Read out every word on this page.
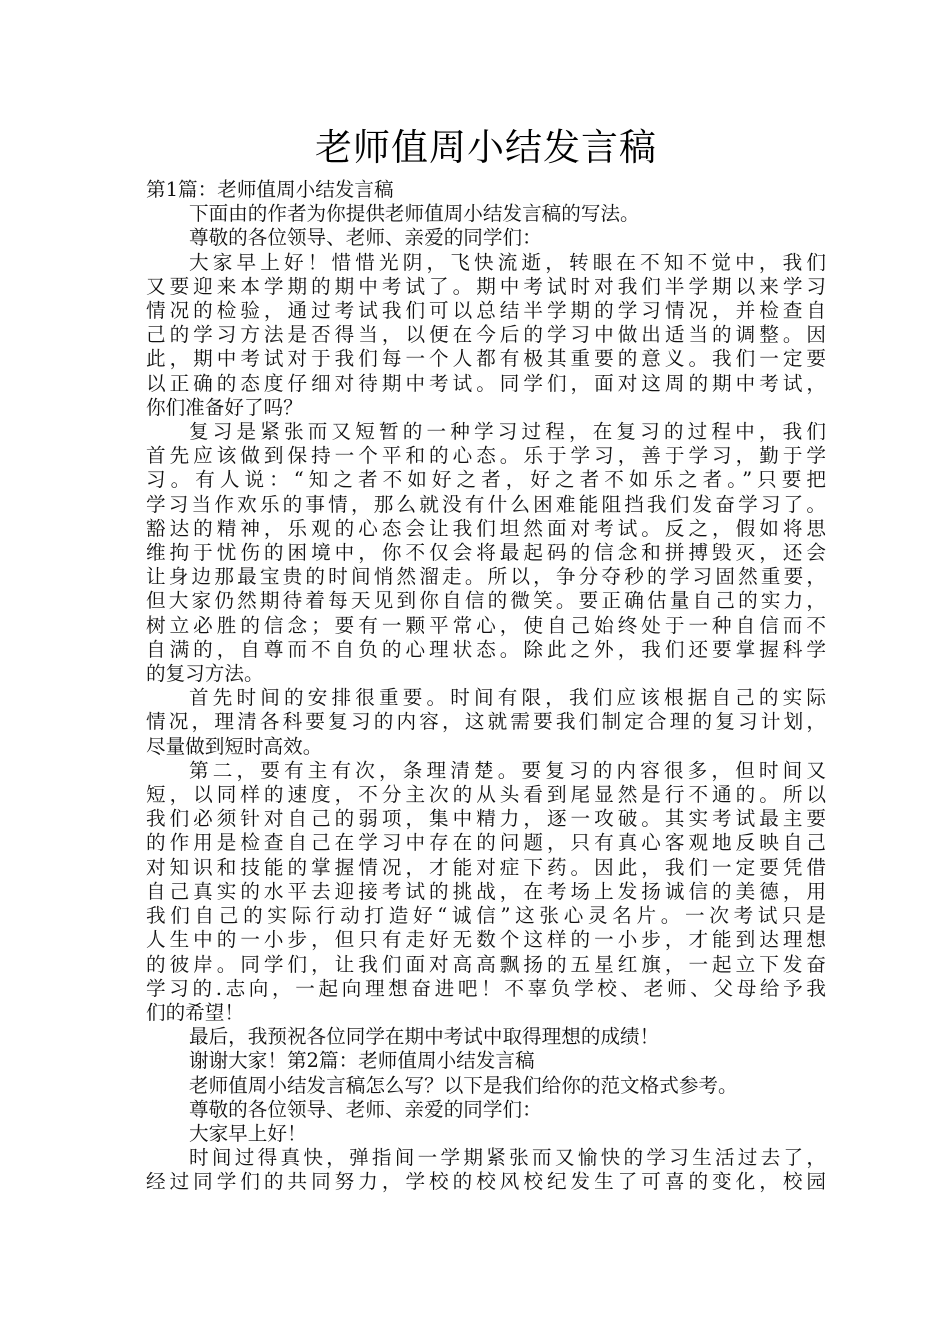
老师值周小结发言稿

第1篇：老师值周小结发言稿

下面由的作者为你提供老师值周小结发言稿的写法。

尊敬的各位领导、老师、亲爱的同学们：

大家早上好！惜惜光阴，飞快流逝，转眼在不知不觉中，我们

又要迎来本学期的期中考试了。期中考试时对我们半学期以来学习

情况的检验，通过考试我们可以总结半学期的学习情况，并检查自

己的学习方法是否得当，以便在今后的学习中做出适当的调整。因

此，期中考试对于我们每一个人都有极其重要的意义。我们一定要

以正确的态度仔细对待期中考试。同学们，面对这周的期中考试，

你们准备好了吗？

复习是紧张而又短暂的一种学习过程，在复习的过程中，我们

首先应该做到保持一个平和的心态。乐于学习，善于学习，勤于学

习。有人说：“知之者不如好之者，好之者不如乐之者。”只要把

学习当作欢乐的事情，那么就没有什么困难能阻挡我们发奋学习了。

豁达的精神，乐观的心态会让我们坦然面对考试。反之，假如将思

维拘于忧伤的困境中，你不仅会将最起码的信念和拼搏毁灭，还会

让身边那最宝贵的时间悄然溜走。所以，争分夺秒的学习固然重要，

但大家仍然期待着每天见到你自信的微笑。要正确估量自己的实力，

树立必胜的信念；要有一颗平常心，使自己始终处于一种自信而不

自满的，自尊而不自负的心理状态。除此之外，我们还要掌握科学

的复习方法。

首先时间的安排很重要。时间有限，我们应该根据自己的实际

情况，理清各科要复习的内容，这就需要我们制定合理的复习计划，

尽量做到短时高效。

第二，要有主有次，条理清楚。要复习的内容很多，但时间又

短，以同样的速度，不分主次的从头看到尾显然是行不通的。所以

我们必须针对自己的弱项，集中精力，逐一攻破。其实考试最主要

的作用是检查自己在学习中存在的问题，只有真心客观地反映自己

对知识和技能的掌握情况，才能对症下药。因此，我们一定要凭借

自己真实的水平去迎接考试的挑战，在考场上发扬诚信的美德，用

我们自己的实际行动打造好“诚信”这张心灵名片。一次考试只是

人生中的一小步，但只有走好无数个这样的一小步，才能到达理想

的彼岸。同学们，让我们面对高高飘扬的五星红旗，一起立下发奋

学习的.志向，一起向理想奋进吧！不辜负学校、老师、父母给予我

们的希望！

最后，我预祝各位同学在期中考试中取得理想的成绩！

谢谢大家！第2篇：老师值周小结发言稿

老师值周小结发言稿怎么写？以下是我们给你的范文格式参考。

尊敬的各位领导、老师、亲爱的同学们：

大家早上好！

时间过得真快，弹指间一学期紧张而又愉快的学习生活过去了，

经过同学们的共同努力，学校的校风校纪发生了可喜的变化，校园
